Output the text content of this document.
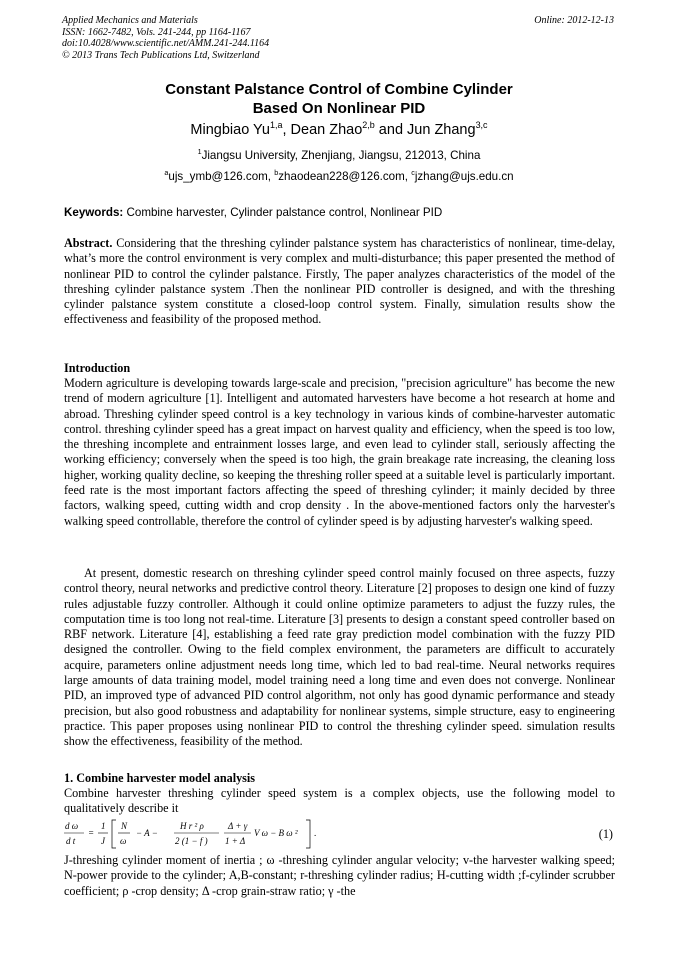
Applied Mechanics and Materials
ISSN: 1662-7482, Vols. 241-244, pp 1164-1167
doi:10.4028/www.scientific.net/AMM.241-244.1164
© 2013 Trans Tech Publications Ltd, Switzerland
Online: 2012-12-13
Constant Palstance Control of Combine Cylinder
Based On Nonlinear PID
Mingbiao Yu$^{1,a}$, Dean Zhao$^{2,b}$ and Jun Zhang$^{3,c}$
$^1$Jiangsu University, Zhenjiang, Jiangsu, 212013, China
$^a$ujs_ymb@126.com, $^b$zhaodean228@126.com, $^c$jzhang@ujs.edu.cn
Keywords: Combine harvester, Cylinder palstance control, Nonlinear PID
Abstract. Considering that the threshing cylinder palstance system has characteristics of nonlinear, time-delay, what’s more the control environment is very complex and multi-disturbance; this paper presented the method of nonlinear PID to control the cylinder palstance. Firstly, The paper analyzes characteristics of the model of the threshing cylinder palstance system .Then the nonlinear PID controller is designed, and with the threshing cylinder palstance system constitute a closed-loop control system. Finally, simulation results show the effectiveness and feasibility of the proposed method.
Introduction
Modern agriculture is developing towards large-scale and precision, "precision agriculture" has become the new trend of modern agriculture [1]. Intelligent and automated harvesters have become a hot research at home and abroad. Threshing cylinder speed control is a key technology in various kinds of combine-harvester automatic control. threshing cylinder speed has a great impact on harvest quality and efficiency, when the speed is too low, the threshing incomplete and entrainment losses large, and even lead to cylinder stall, seriously affecting the working efficiency; conversely when the speed is too high, the grain breakage rate increasing, the cleaning loss higher, working quality decline, so keeping the threshing roller speed at a suitable level is particularly important. feed rate is the most important factors affecting the speed of threshing cylinder; it mainly decided by three factors, walking speed, cutting width and crop density . In the above-mentioned factors only the harvester's walking speed controllable, therefore the control of cylinder speed is by adjusting harvester's walking speed.
At present, domestic research on threshing cylinder speed control mainly focused on three aspects, fuzzy control theory, neural networks and predictive control theory. Literature [2] proposes to design one kind of fuzzy rules adjustable fuzzy controller. Although it could online optimize parameters to adjust the fuzzy rules, the computation time is too long not real-time. Literature [3] presents to design a constant speed controller based on RBF network. Literature [4], establishing a feed rate gray prediction model combination with the fuzzy PID designed the controller. Owing to the field complex environment, the parameters are difficult to accurately acquire, parameters online adjustment needs long time, which led to bad real-time. Neural networks requires large amounts of data training model, model training need a long time and even does not converge. Nonlinear PID, an improved type of advanced PID control algorithm, not only has good dynamic performance and steady precision, but also good robustness and adaptability for nonlinear systems, simple structure, easy to engineering practice. This paper proposes using nonlinear PID to control the threshing cylinder speed. simulation results show the effectiveness, feasibility of the method.
1. Combine harvester model analysis
Combine harvester threshing cylinder speed system is a complex objects, use the following model to qualitatively describe it
d ω
d t
=
1
J
N
ω
− A −
H r ² ρ
2 (1 − f )
Δ + γ
1 + Δ
V ω − B ω ² .	(1)
J-threshing cylinder moment of inertia ; ω -threshing cylinder angular velocity; v-the harvester walking speed; N-power provide to the cylinder; A,B-constant; r-threshing cylinder radius; H-cutting width ;f-cylinder scrubber coefficient; ρ -crop density; Δ -crop grain-straw ratio; γ -the
